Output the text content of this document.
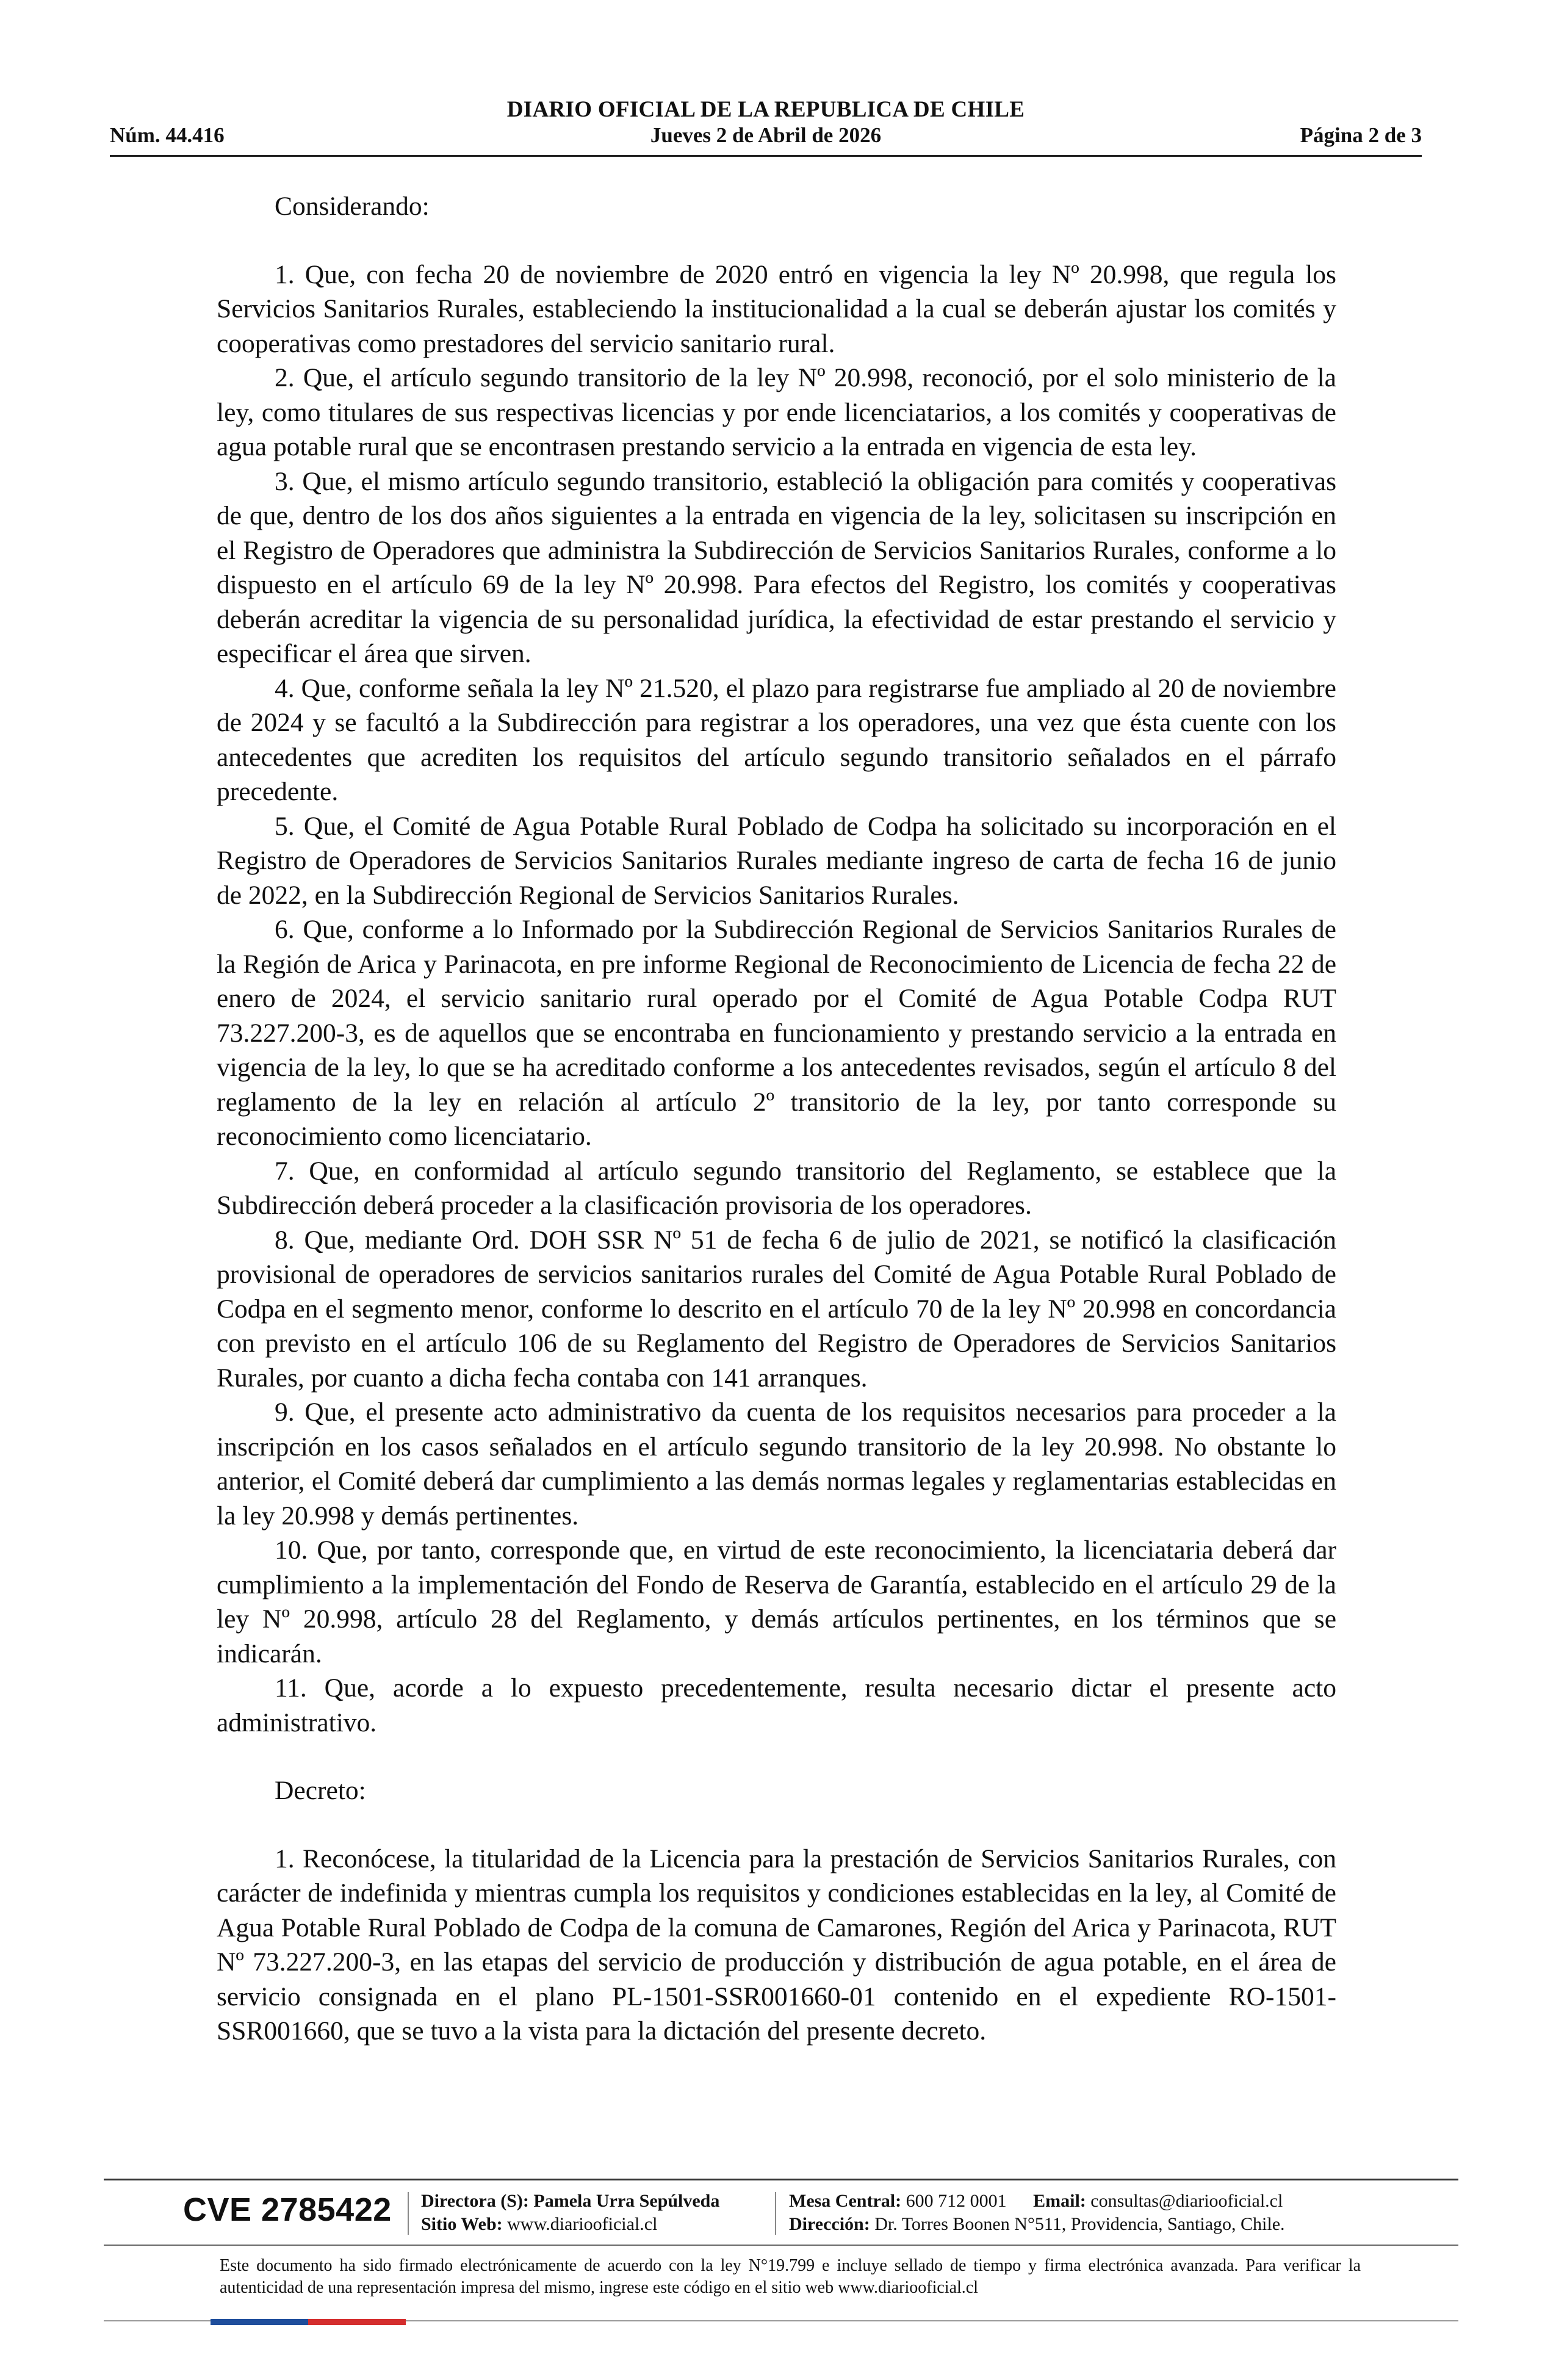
DIARIO OFICIAL DE LA REPUBLICA DE CHILE
Núm. 44.416	Jueves 2 de Abril de 2026	Página 2 de 3

Considerando:

1. Que, con fecha 20 de noviembre de 2020 entró en vigencia la ley Nº 20.998, que regula los Servicios Sanitarios Rurales, estableciendo la institucionalidad a la cual se deberán ajustar los comités y cooperativas como prestadores del servicio sanitario rural.

2. Que, el artículo segundo transitorio de la ley Nº 20.998, reconoció, por el solo ministerio de la ley, como titulares de sus respectivas licencias y por ende licenciatarios, a los comités y cooperativas de agua potable rural que se encontrasen prestando servicio a la entrada en vigencia de esta ley.

3. Que, el mismo artículo segundo transitorio, estableció la obligación para comités y cooperativas de que, dentro de los dos años siguientes a la entrada en vigencia de la ley, solicitasen su inscripción en el Registro de Operadores que administra la Subdirección de Servicios Sanitarios Rurales, conforme a lo dispuesto en el artículo 69 de la ley Nº 20.998. Para efectos del Registro, los comités y cooperativas deberán acreditar la vigencia de su personalidad jurídica, la efectividad de estar prestando el servicio y especificar el área que sirven.

4. Que, conforme señala la ley Nº 21.520, el plazo para registrarse fue ampliado al 20 de noviembre de 2024 y se facultó a la Subdirección para registrar a los operadores, una vez que ésta cuente con los antecedentes que acrediten los requisitos del artículo segundo transitorio señalados en el párrafo precedente.

5. Que, el Comité de Agua Potable Rural Poblado de Codpa ha solicitado su incorporación en el Registro de Operadores de Servicios Sanitarios Rurales mediante ingreso de carta de fecha 16 de junio de 2022, en la Subdirección Regional de Servicios Sanitarios Rurales.

6. Que, conforme a lo Informado por la Subdirección Regional de Servicios Sanitarios Rurales de la Región de Arica y Parinacota, en pre informe Regional de Reconocimiento de Licencia de fecha 22 de enero de 2024, el servicio sanitario rural operado por el Comité de Agua Potable Codpa RUT 73.227.200-3, es de aquellos que se encontraba en funcionamiento y prestando servicio a la entrada en vigencia de la ley, lo que se ha acreditado conforme a los antecedentes revisados, según el artículo 8 del reglamento de la ley en relación al artículo 2º transitorio de la ley, por tanto corresponde su reconocimiento como licenciatario.

7. Que, en conformidad al artículo segundo transitorio del Reglamento, se establece que la Subdirección deberá proceder a la clasificación provisoria de los operadores.

8. Que, mediante Ord. DOH SSR Nº 51 de fecha 6 de julio de 2021, se notificó la clasificación provisional de operadores de servicios sanitarios rurales del Comité de Agua Potable Rural Poblado de Codpa en el segmento menor, conforme lo descrito en el artículo 70 de la ley Nº 20.998 en concordancia con previsto en el artículo 106 de su Reglamento del Registro de Operadores de Servicios Sanitarios Rurales, por cuanto a dicha fecha contaba con 141 arranques.

9. Que, el presente acto administrativo da cuenta de los requisitos necesarios para proceder a la inscripción en los casos señalados en el artículo segundo transitorio de la ley 20.998. No obstante lo anterior, el Comité deberá dar cumplimiento a las demás normas legales y reglamentarias establecidas en la ley 20.998 y demás pertinentes.

10. Que, por tanto, corresponde que, en virtud de este reconocimiento, la licenciataria deberá dar cumplimiento a la implementación del Fondo de Reserva de Garantía, establecido en el artículo 29 de la ley Nº 20.998, artículo 28 del Reglamento, y demás artículos pertinentes, en los términos que se indicarán.

11. Que, acorde a lo expuesto precedentemente, resulta necesario dictar el presente acto administrativo.

Decreto:

1. Reconócese, la titularidad de la Licencia para la prestación de Servicios Sanitarios Rurales, con carácter de indefinida y mientras cumpla los requisitos y condiciones establecidas en la ley, al Comité de Agua Potable Rural Poblado de Codpa de la comuna de Camarones, Región del Arica y Parinacota, RUT Nº 73.227.200-3, en las etapas del servicio de producción y distribución de agua potable, en el área de servicio consignada en el plano PL-1501-SSR001660-01 contenido en el expediente RO-1501-SSR001660, que se tuvo a la vista para la dictación del presente decreto.

CVE 2785422 Directora (S): Pamela Urra Sepúlveda
Sitio Web: www.diariooficial.cl
Mesa Central: 600 712 0001 Email: consultas@diariooficial.cl
Dirección: Dr. Torres Boonen N°511, Providencia, Santiago, Chile.
Este documento ha sido firmado electrónicamente de acuerdo con la ley N°19.799 e incluye sellado de tiempo y firma electrónica avanzada. Para verificar la autenticidad de una representación impresa del mismo, ingrese este código en el sitio web www.diariooficial.cl
